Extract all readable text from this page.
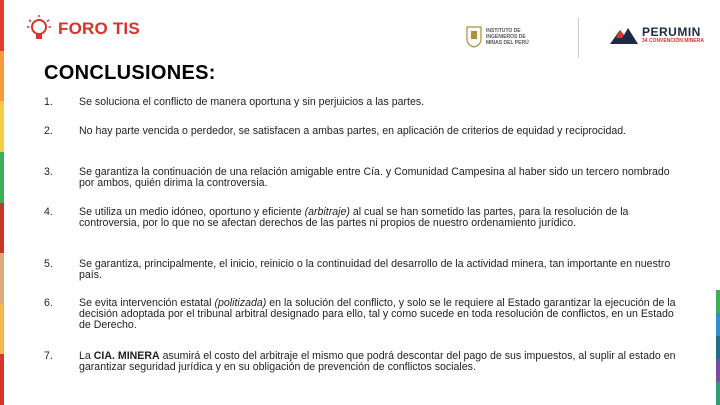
FORO TIS	INSTITUTO DE INGENIEROS DE MINAS DEL PERÚ
PERUMIN
34 CONVENCIÓN MINERA
CONCLUSIONES:
1.	Se soluciona el conflicto de manera oportuna y sin perjuicios a las partes.
2.	No hay parte vencida o perdedor, se satisfacen a ambas partes, en aplicación de criterios de equidad y reciprocidad.
3.	Se garantiza la continuación de una relación amigable entre Cía. y Comunidad Campesina al haber sido un tercero nombrado por ambos, quién dirima la controversia.
4.	Se utiliza un medio idóneo, oportuno y eficiente (arbitraje) al cual se han sometido las partes, para la resolución de la controversia, por lo que no se afectan derechos de las partes ni propios de nuestro ordenamiento jurídico.
5.	Se garantiza, principalmente, el inicio, reinicio o la continuidad del desarrollo de la actividad minera, tan importante en nuestro país.
6.	Se evita intervención estatal (politizada) en la solución del conflicto, y solo se le requiere al Estado garantizar la ejecución de la decisión adoptada por el tribunal arbitral designado para ello, tal y como sucede en toda resolución de conflictos, en un Estado de Derecho.
7.	La CIA. MINERA asumirá el costo del arbitraje el mismo que podrá descontar del pago de sus impuestos, al suplir al estado en garantizar seguridad jurídica y en su obligación de prevención de conflictos sociales.
